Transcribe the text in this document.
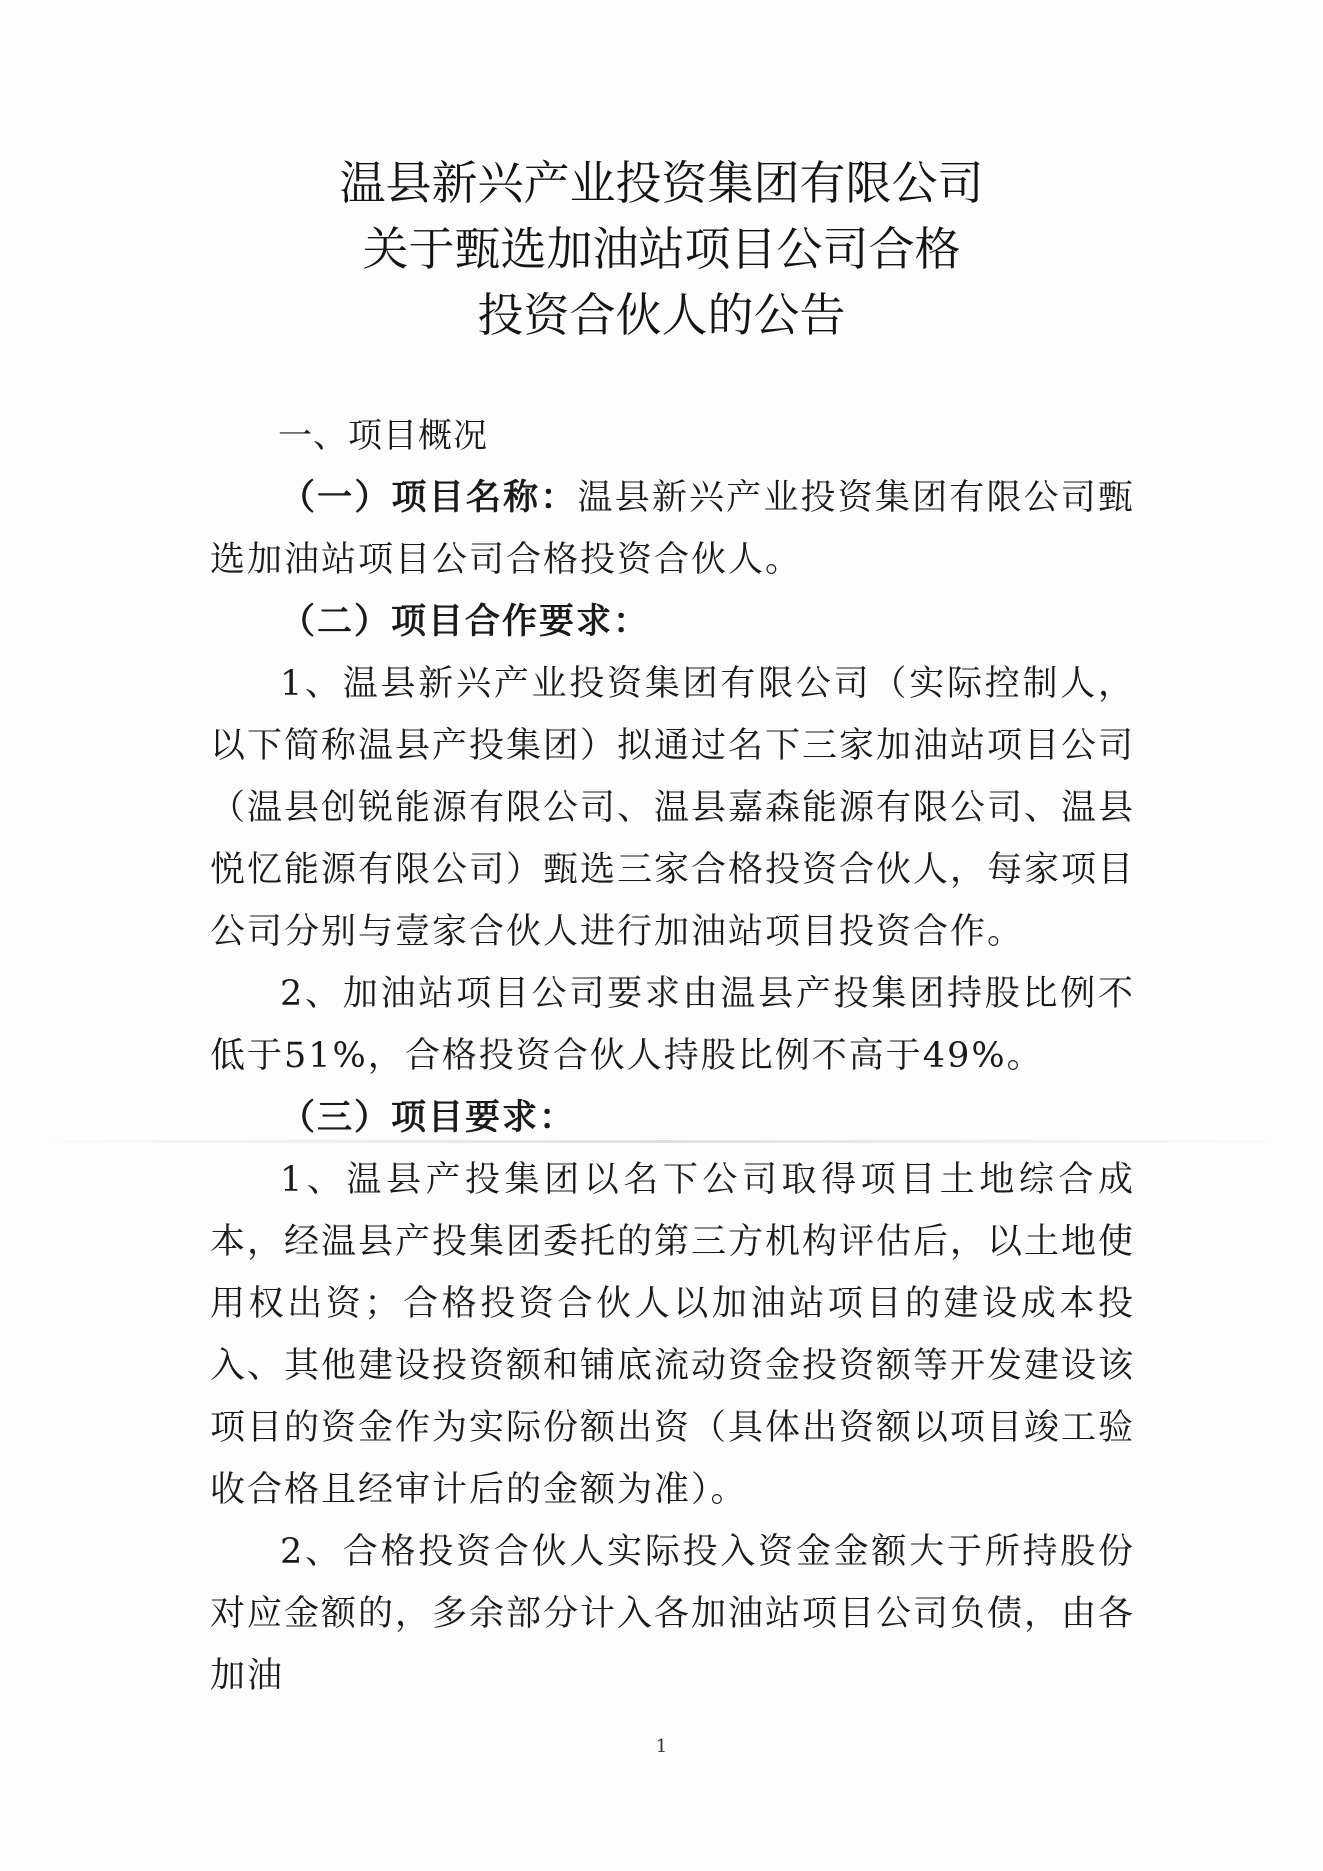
温县新兴产业投资集团有限公司
关于甄选加油站项目公司合格
投资合伙人的公告

一、项目概况

（一）项目名称：温县新兴产业投资集团有限公司甄选加油站项目公司合格投资合伙人。

（二）项目合作要求：

1、温县新兴产业投资集团有限公司（实际控制人，以下简称温县产投集团）拟通过名下三家加油站项目公司（温县创锐能源有限公司、温县嘉森能源有限公司、温县悦忆能源有限公司）甄选三家合格投资合伙人，每家项目公司分别与壹家合伙人进行加油站项目投资合作。

2、加油站项目公司要求由温县产投集团持股比例不低于51%，合格投资合伙人持股比例不高于49%。

（三）项目要求：

1、温县产投集团以名下公司取得项目土地综合成本，经温县产投集团委托的第三方机构评估后，以土地使用权出资；合格投资合伙人以加油站项目的建设成本投入、其他建设投资额和铺底流动资金投资额等开发建设该项目的资金作为实际份额出资（具体出资额以项目竣工验收合格且经审计后的金额为准）。

2、合格投资合伙人实际投入资金金额大于所持股份对应金额的，多余部分计入各加油站项目公司负债，由各加油

1
